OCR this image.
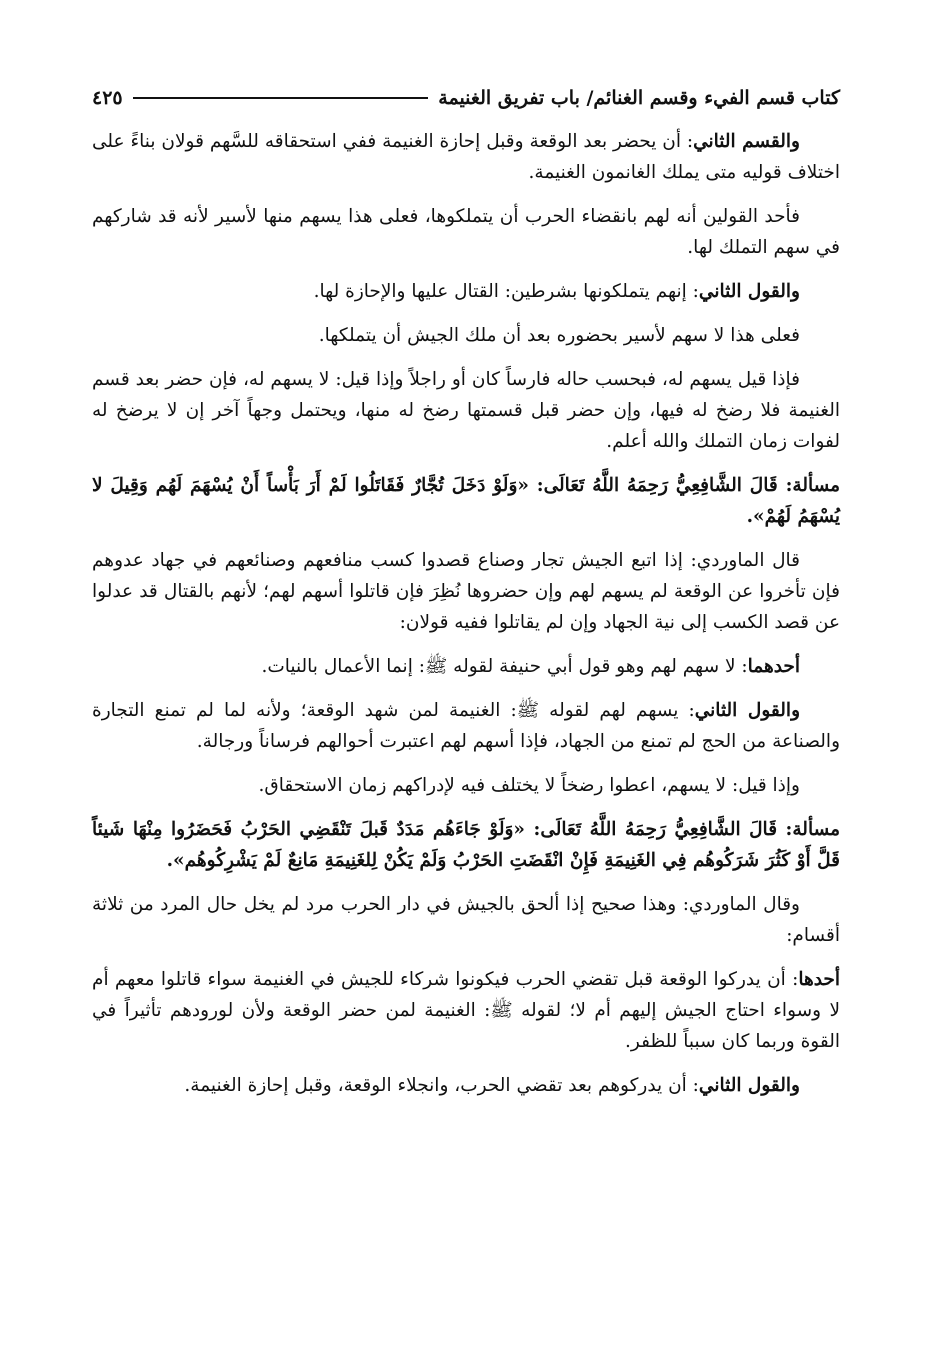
كتاب قسم الفيء وقسم الغنائم/ باب تفريق الغنيمة
٤٢٥

والقسم الثاني: أن يحضر بعد الوقعة وقبل إحازة الغنيمة ففي استحقاقه للسَّهم قولان بناءً على اختلاف قوليه متى يملك الغانمون الغنيمة.

فأحد القولين أنه لهم بانقضاء الحرب أن يتملكوها، فعلى هذا يسهم منها لأسير لأنه قد شاركهم في سهم التملك لها.

والقول الثاني: إنهم يتملكونها بشرطين: القتال عليها والإحازة لها.

فعلى هذا لا سهم لأسير بحضوره بعد أن ملك الجيش أن يتملكها.

فإذا قيل يسهم له، فبحسب حاله فارساً كان أو راجلاً وإذا قيل: لا يسهم له، فإن حضر بعد قسم الغنيمة فلا رضخ له فيها، وإن حضر قبل قسمتها رضخ له منها، ويحتمل وجهاً آخر إن لا يرضخ له لفوات زمان التملك والله أعلم.

مسألة: قَالَ الشَّافِعِيُّ رَحِمَهُ اللَّهُ تَعَالَى: «وَلَوْ دَخَلَ تُجَّارٌ فَقَاتَلُوا لَمْ أَرَ بَأْساً أَنْ يُسْهَمَ لَهُم وَقِيلَ لا يُسْهَمُ لَهُمْ».

قال الماوردي: إذا اتبع الجيش تجار وصناع قصدوا كسب منافعهم وصنائعهم في جهاد عدوهم فإن تأخروا عن الوقعة لم يسهم لهم وإن حضروها نُظِرَ فإن قاتلوا أسهم لهم؛ لأنهم بالقتال قد عدلوا عن قصد الكسب إلى نية الجهاد وإن لم يقاتلوا ففيه قولان:

أحدهما: لا سهم لهم وهو قول أبي حنيفة لقوله ﷺ: إنما الأعمال بالنيات.

والقول الثاني: يسهم لهم لقوله ﷺ: الغنيمة لمن شهد الوقعة؛ ولأنه لما لم تمنع التجارة والصناعة من الحج لم تمنع من الجهاد، فإذا أسهم لهم اعتبرت أحوالهم فرساناً ورجالة.

وإذا قيل: لا يسهم، اعطوا رضخاً لا يختلف فيه لإدراكهم زمان الاستحقاق.

مسألة: قَالَ الشَّافِعِيُّ رَحِمَهُ اللَّهُ تَعَالَى: «وَلَوْ جَاءَهُم مَدَدٌ قَبلَ تَنْقَضِي الحَرْبُ فَحَضَرُوا مِنْهَا شَيئاً قَلَّ أَوْ كَثُرَ شَرَكُوهُم فِي الغَنِيمَةِ فَإِنْ انْقَضَتِ الحَرْبُ وَلَمْ يَكُنْ لِلغَنِيمَةِ مَانِعٌ لَمْ يَشْرِكُوهُم».

وقال الماوردي: وهذا صحيح إذا ألحق بالجيش في دار الحرب مرد لم يخل حال المرد من ثلاثة أقسام:

أحدها: أن يدركوا الوقعة قبل تقضي الحرب فيكونوا شركاء للجيش في الغنيمة سواء قاتلوا معهم أم لا وسواء احتاج الجيش إليهم أم لا؛ لقوله ﷺ: الغنيمة لمن حضر الوقعة ولأن لورودهم تأثيراً في القوة وربما كان سبباً للظفر.

والقول الثاني: أن يدركوهم بعد تقضي الحرب، وانجلاء الوقعة، وقبل إحازة الغنيمة.
